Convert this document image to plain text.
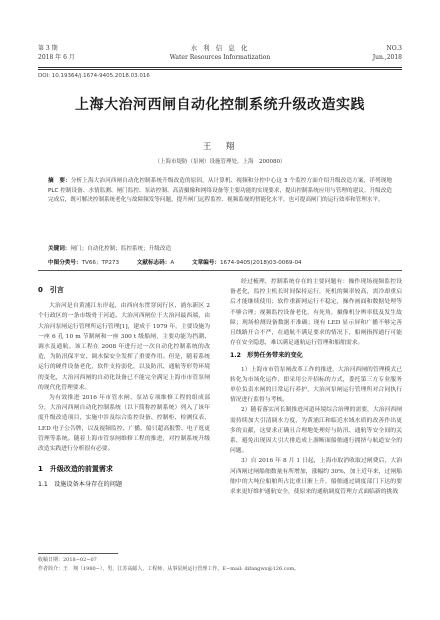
第 3 期
2018 年 6 月
水 利 信 息 化
Water Resources Informatization
NO.3
Jun.,2018
DOI: 10.19364/j.1674-9405.2018.03.016
上海大治河西闸自动化控制系统升级改造实践
王　翔
（上海市堤防（泵闸）设施管理处，上海　200080）
摘　要：分析上海大治河西闸自动化控制系统升级改造的原因，从计算机、视频和分控中心这 3 个监控方面介绍升级改造方案，详列现地 PLC 控制设备、水情监测、闸门监控、泵站控制、高清摄像和网络设备等主要功能的实现要求，提出控制系统应用与管理的建议。升级改造完成后，既可解决控制系统老化与故障频发等问题，提升闸门远程监控、视频监视的智能化水平，也可提高闸门的运行效率和管理水平。
关键词：闸门；自动化控制；监控系统；升级改造
中图分类号：TV66；TP273	文献标志码：A	文章编号：1674-9405(2018)03-0069-04
0　引言

大治河是自黄浦江东岸起，由西向东贯穿闵行区、浦东新区 2 个行政区的一条市级骨干河道。大治河西闸位于大治河最西端，由大治河泵闸运行管理所运行管理[1]，建成于 1979 年，主要设施为一座 6 孔 10 m 节制闸和一座 300 t 级船闸，主要功能为挡潮、调水及通航。该工程在 2008 年进行过一次自动化控制系统的改造，为防汛保平安、调水保安全发挥了重要作用。但是，随着系统运行的硬件设备老化，软件支持弱化，以及防汛、通航等形势环境的变化，大治河西闸的自动化设备已不能完全满足上海市市管泵闸的现代化管理要求。

为有效推进 2016 年市管水闸、泵站专项维修工程的组成部分，大治河西闸自动化控制系统（以下简称控制系统）列入了该年度升级改造项目，实施中涉及综合监控设备、控制柜、检测仪表，LED 电子公告牌，以及视频监控、广播、船只超高报警、电子逛更管理等系统。随着上海市管泵闸维修工程的推进，对控制系统升级改造实践进行分析很有必要。

1　升级改造的前置需求
1.1　设施设备本身存在的问题

经过梳理，控制系统存在的主要问题有：操作现场视频监控设备老化，监控主机长时间保持运行，死机的频率较高，需冷却重启后才能继续使用；软件重新网运行不稳定，操作画面和数据处理等不够合理；视频监控设备老化，有死角，摄像机分辨率低及发生故障；现场检测设备数据不准确；现有 LED 显示屏和广播不够完善且线路开合不严，在通航不满足要求的情况下，船闸指挥通行可能存在安全隐患，难以满足通航运行管理和船舶需求。

1.2　形势任务带来的变化

1）上海市市管泵闸改革工作的推进，大治河西闸的管理模式已转化为市场化运作，即采用公开招标的方式，委托第三方专业服务单位负责水闸的日常运行养护，大治河泵闸运行管理所对合同执行情况进行监督与考核。

2）随着落实河长制推进河道环境综合治理的需要，大治河西闸需持续加大引清调水力度，为黄浦江和临近水域水质的改善作出更多的贡献，这要求正确且合理地处理好与防汛、通航等安全间的关系，避免出现因大引大排造成上游断面船舶通行拥挤与航道安全的问题。

3）自 2016 年 8 月 1 日起，上海市取消收取过闸费后，大治河西闸过闸船舶数量有所增加，涨幅约 30%，加上近年来，过闸船舶中的大吨位船舶所占比重日渐上升，船舶通过调度部门下达的要求来更好维护通航安全，使原来的通航调度管理方式面临新的挑战

收稿日期：2018−02−07
作者简介：王　翔（1980−），男，江苏高邮人，工程师，从事泵闸运行管理工作。E−mail: difangwx@126.com。
